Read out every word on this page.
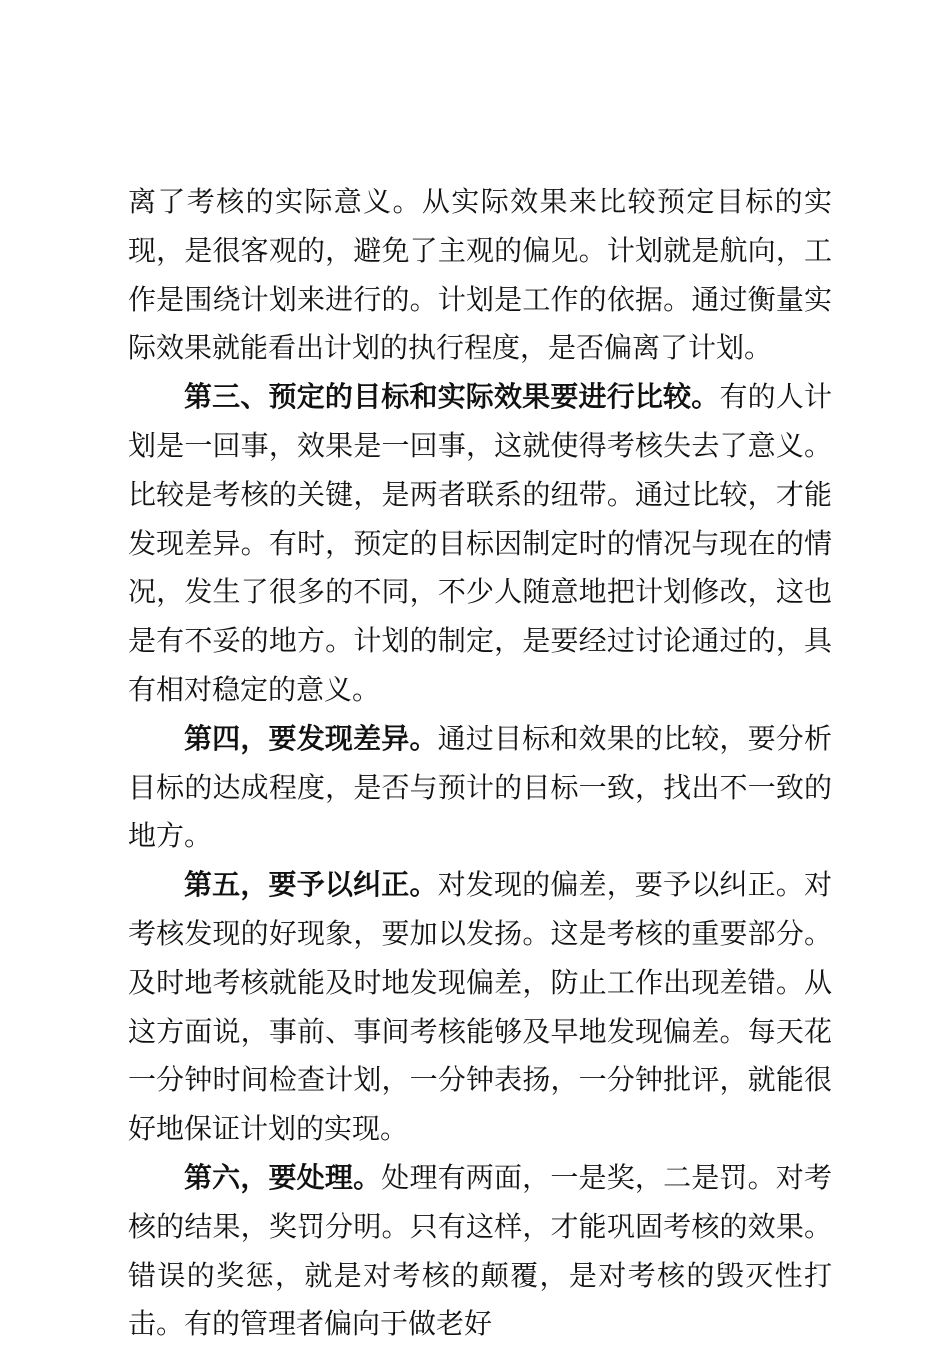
离了考核的实际意义。从实际效果来比较预定目标的实现，是很客观的，避免了主观的偏见。计划就是航向，工作是围绕计划来进行的。计划是工作的依据。通过衡量实际效果就能看出计划的执行程度，是否偏离了计划。

第三、预定的目标和实际效果要进行比较。有的人计划是一回事，效果是一回事，这就使得考核失去了意义。比较是考核的关键，是两者联系的纽带。通过比较，才能发现差异。有时，预定的目标因制定时的情况与现在的情况，发生了很多的不同，不少人随意地把计划修改，这也是有不妥的地方。计划的制定，是要经过讨论通过的，具有相对稳定的意义。

第四，要发现差异。通过目标和效果的比较，要分析目标的达成程度，是否与预计的目标一致，找出不一致的地方。

第五，要予以纠正。对发现的偏差，要予以纠正。对考核发现的好现象，要加以发扬。这是考核的重要部分。及时地考核就能及时地发现偏差，防止工作出现差错。从这方面说，事前、事间考核能够及早地发现偏差。每天花一分钟时间检查计划，一分钟表扬，一分钟批评，就能很好地保证计划的实现。

第六，要处理。处理有两面，一是奖，二是罚。对考核的结果，奖罚分明。只有这样，才能巩固考核的效果。错误的奖惩，就是对考核的颠覆，是对考核的毁灭性打击。有的管理者偏向于做老好
